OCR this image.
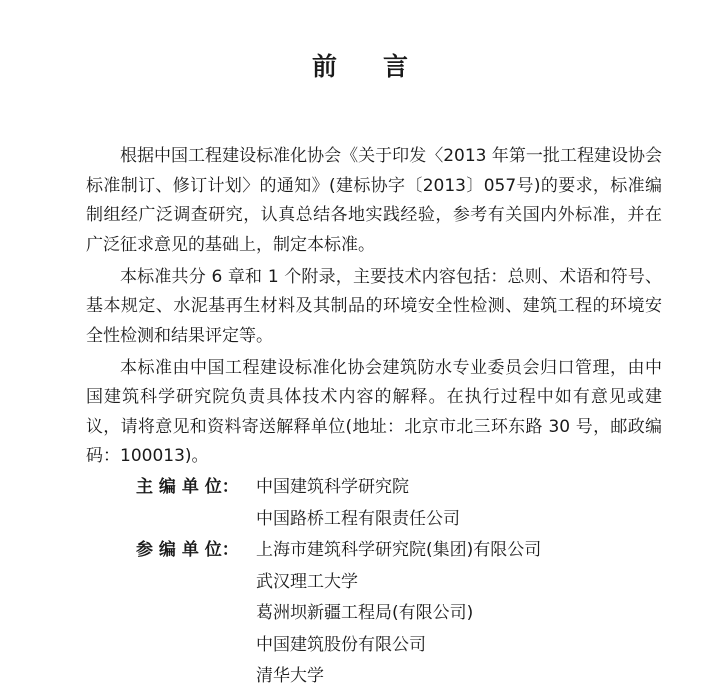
前 言

根据中国工程建设标准化协会《关于印发〈2013 年第一批工程建设协会标准制订、修订计划〉的通知》(建标协字〔2013〕057号)的要求，标准编制组经广泛调查研究，认真总结各地实践经验，参考有关国内外标准，并在广泛征求意见的基础上，制定本标准。

本标准共分 6 章和 1 个附录，主要技术内容包括：总则、术语和符号、基本规定、水泥基再生材料及其制品的环境安全性检测、建筑工程的环境安全性检测和结果评定等。

本标准由中国工程建设标准化协会建筑防水专业委员会归口管理，由中国建筑科学研究院负责具体技术内容的解释。在执行过程中如有意见或建议，请将意见和资料寄送解释单位(地址：北京市北三环东路 30 号，邮政编码：100013)。

主 编 单 位：	中国建筑科学研究院
中国路桥工程有限责任公司
参 编 单 位：	上海市建筑科学研究院(集团)有限公司
武汉理工大学
葛洲坝新疆工程局(有限公司)
中国建筑股份有限公司
清华大学
